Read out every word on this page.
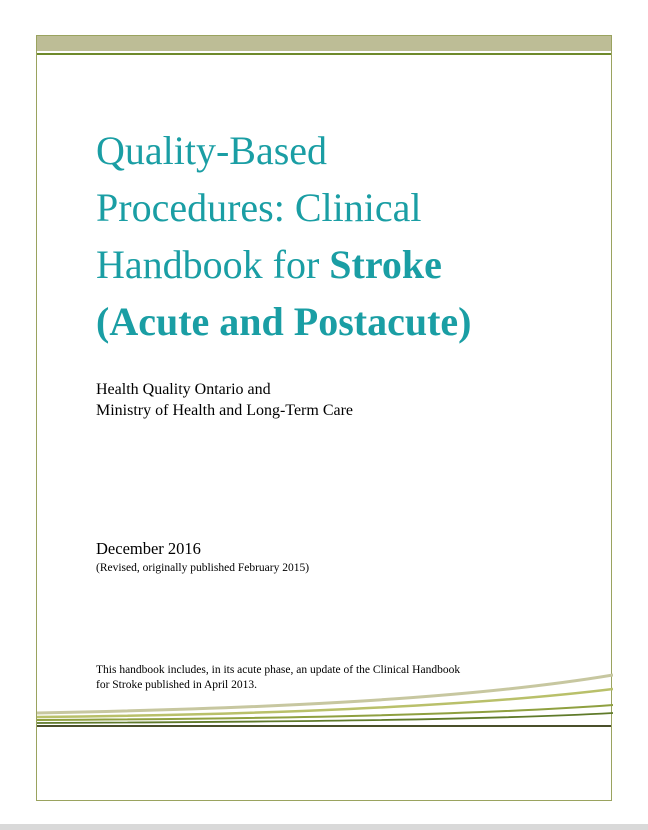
Quality-Based
Procedures: Clinical
Handbook for Stroke
(Acute and Postacute)
Health Quality Ontario and
Ministry of Health and Long-Term Care
December 2016
(Revised, originally published February 2015)
This handbook includes, in its acute phase, an update of the Clinical Handbook
for Stroke published in April 2013.
